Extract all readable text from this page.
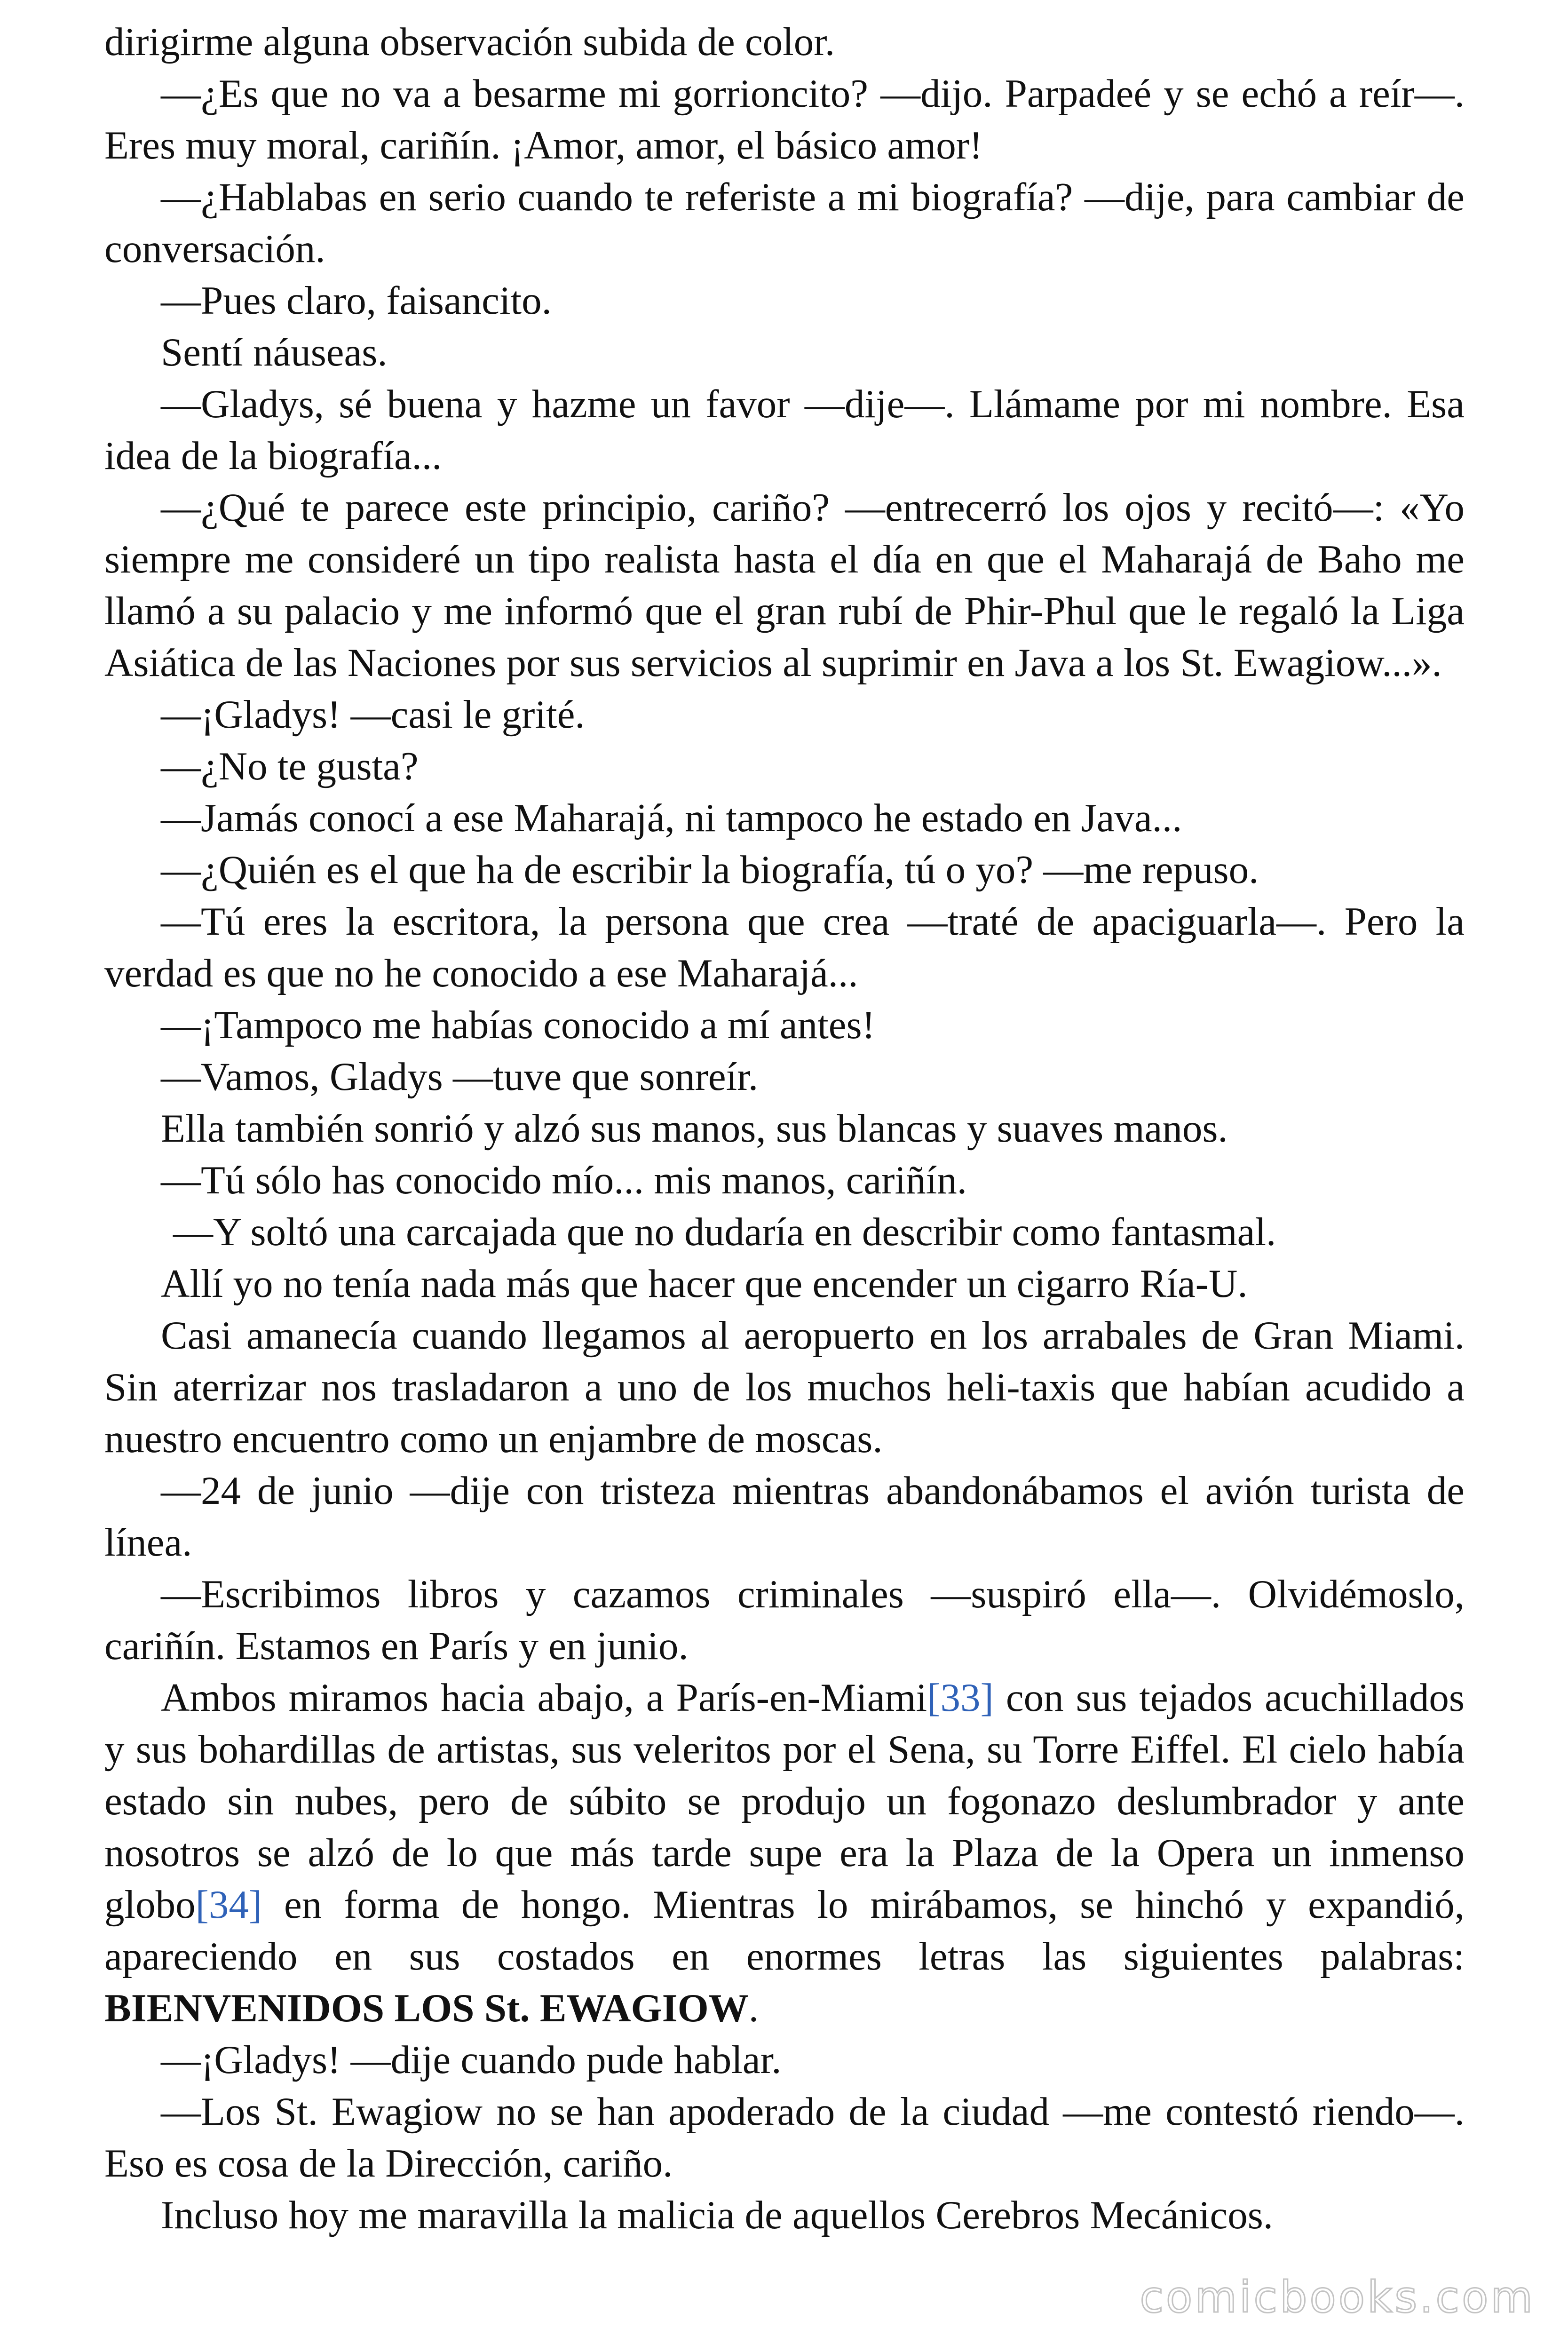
dirigirme alguna observación subida de color.

—¿Es que no va a besarme mi gorrioncito? —dijo. Parpadeé y se echó a reír—. Eres muy moral, cariñín. ¡Amor, amor, el básico amor!

—¿Hablabas en serio cuando te referiste a mi biografía? —dije, para cambiar de conversación.

—Pues claro, faisancito.

Sentí náuseas.

—Gladys, sé buena y hazme un favor —dije—. Llámame por mi nombre. Esa idea de la biografía...

—¿Qué te parece este principio, cariño? —entrecerró los ojos y recitó—: «Yo siempre me consideré un tipo realista hasta el día en que el Maharajá de Baho me llamó a su palacio y me informó que el gran rubí de Phir-Phul que le regaló la Liga Asiática de las Naciones por sus servicios al suprimir en Java a los St. Ewagiow...».

—¡Gladys! —casi le grité.

—¿No te gusta?

—Jamás conocí a ese Maharajá, ni tampoco he estado en Java...

—¿Quién es el que ha de escribir la biografía, tú o yo? —me repuso.

—Tú eres la escritora, la persona que crea —traté de apaciguarla—. Pero la verdad es que no he conocido a ese Maharajá...

—¡Tampoco me habías conocido a mí antes!

—Vamos, Gladys —tuve que sonreír.

Ella también sonrió y alzó sus manos, sus blancas y suaves manos.

—Tú sólo has conocido mío... mis manos, cariñín.

—Y soltó una carcajada que no dudaría en describir como fantasmal.

Allí yo no tenía nada más que hacer que encender un cigarro Ría-U.

Casi amanecía cuando llegamos al aeropuerto en los arrabales de Gran Miami. Sin aterrizar nos trasladaron a uno de los muchos heli-taxis que habían acudido a nuestro encuentro como un enjambre de moscas.

—24 de junio —dije con tristeza mientras abandonábamos el avión turista de línea.

—Escribimos libros y cazamos criminales —suspiró ella—. Olvidémoslo, cariñín. Estamos en París y en junio.

Ambos miramos hacia abajo, a París-en-Miami[33] con sus tejados acuchillados y sus bohardillas de artistas, sus veleritos por el Sena, su Torre Eiffel. El cielo había estado sin nubes, pero de súbito se produjo un fogonazo deslumbrador y ante nosotros se alzó de lo que más tarde supe era la Plaza de la Opera un inmenso globo[34] en forma de hongo. Mientras lo mirábamos, se hinchó y expandió, apareciendo en sus costados en enormes letras las siguientes palabras: BIENVENIDOS LOS St. EWAGIOW.

—¡Gladys! —dije cuando pude hablar.

—Los St. Ewagiow no se han apoderado de la ciudad —me contestó riendo—. Eso es cosa de la Dirección, cariño.

Incluso hoy me maravilla la malicia de aquellos Cerebros Mecánicos.

comicbooks.com
